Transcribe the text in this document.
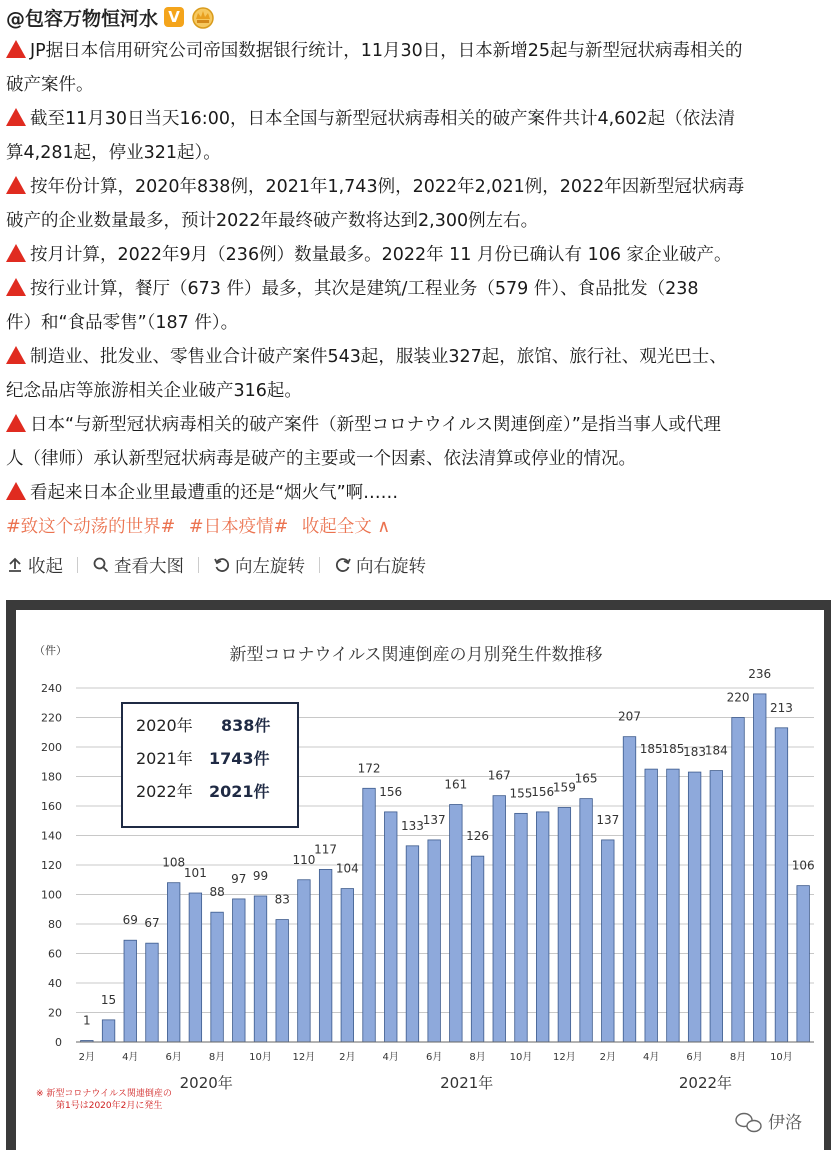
@包容万物恒河水 V

JP据日本信用研究公司帝国数据银行统计，11月30日，日本新增25起与新型冠状病毒相关的

破产案件。

截至11月30日当天16:00，日本全国与新型冠状病毒相关的破产案件共计4,602起（依法清

算4,281起，停业321起）。

按年份计算，2020年838例，2021年1,743例，2022年2,021例，2022年因新型冠状病毒

破产的企业数量最多，预计2022年最终破产数将达到2,300例左右。

按月计算，2022年9月（236例）数量最多。2022年 11 月份已确认有 106 家企业破产。

按行业计算，餐厅（673 件）最多，其次是建筑/工程业务（579 件）、食品批发（238

件）和“食品零售”（187 件）。

制造业、批发业、零售业合计破产案件543起，服装业327起，旅馆、旅行社、观光巴士、

纪念品店等旅游相关企业破产316起。

日本“与新型冠状病毒相关的破产案件（新型コロナウイルス関連倒産）”是指当事人或代理

人（律师）承认新型冠状病毒是破产的主要或一个因素、依法清算或停业的情况。

看起来日本企业里最遭重的还是“烟火气”啊……

#致这个动荡的世界# #日本疫情# 收起全文 ∧
收起	查看大图	向左旋转	向右旋转
新型コロナウイルス関連倒産の月別発生件数推移
（件）
0
20
40
60
80
100
120
140
160
180
200
220
240
1
15
69 67
108
101
88
97 99
83
110
117
104
172
156
133
137
161
126
167
155
156
159
165
137
207
185
185
183
184
220
236
213
106
2月	4月	6月	8月 10月 12月 2月	4月	6月	8月 10月 12月 2月	4月	6月	8月 10月
2020年	2021年	2022年
2020年 838件
2021年 1743件
2022年 2021件
※ 新型コロナウイルス関連倒産の
第1号は2020年2月に発生
伊洛
